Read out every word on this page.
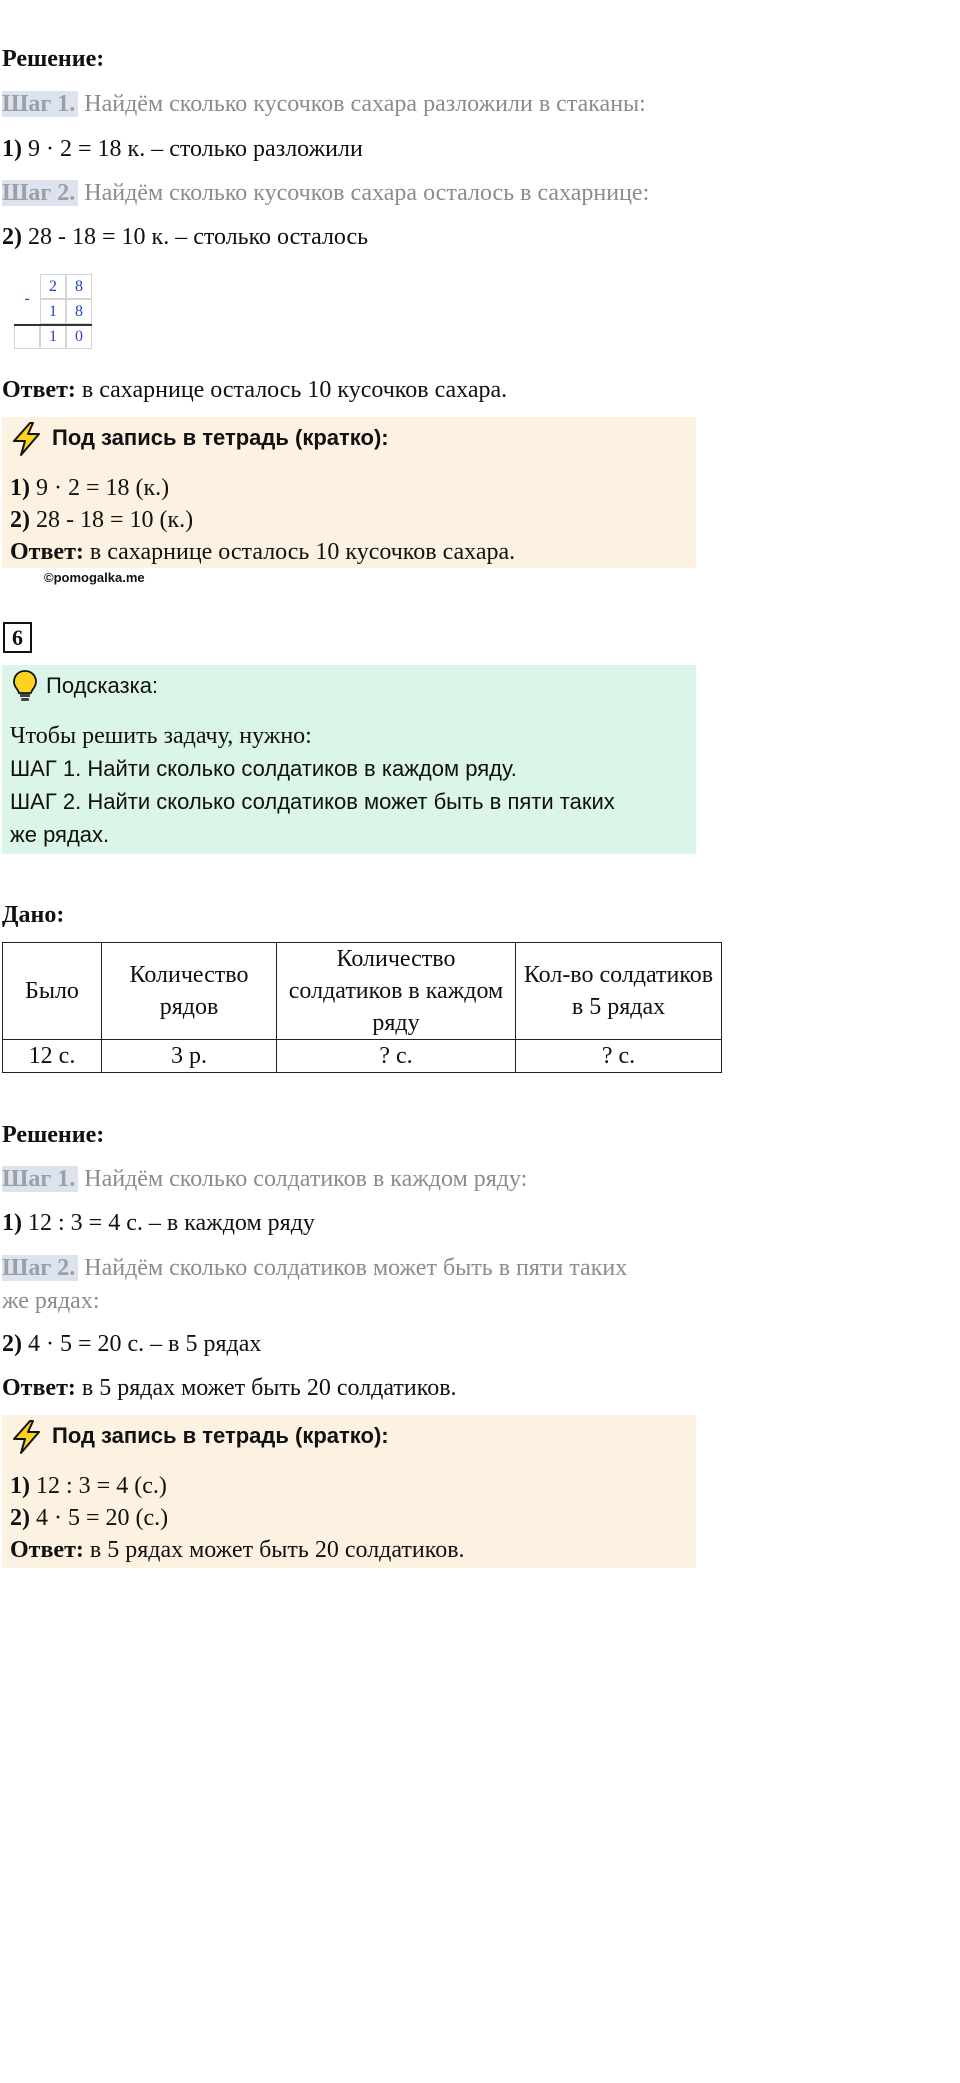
Решение:
Шаг 1. Найдём сколько кусочков сахара разложили в стаканы:
1) 9 · 2 = 18 к. – столько разложили
Шаг 2. Найдём сколько кусочков сахара осталось в сахарнице:
2) 28 - 18 = 10 к. – столько осталось
-
2	8
1	8
1	0
Ответ: в сахарнице осталось 10 кусочков сахара.
Под запись в тетрадь (кратко):
1) 9 · 2 = 18 (к.)
2) 28 - 18 = 10 (к.)
Ответ: в сахарнице осталось 10 кусочков сахара.
©pomogalka.me
6
Подсказка:
Чтобы решить задачу, нужно:
ШАГ 1. Найти сколько солдатиков в каждом ряду.
ШАГ 2. Найти сколько солдатиков может быть в пяти таких
же рядах.
Дано:
Было	Количество рядов	Количество солдатиков в каждом ряду	Кол-во солдатиков в 5 рядах
12 с.	3 р.	? с.	? с.
Решение:
Шаг 1. Найдём сколько солдатиков в каждом ряду:
1) 12 : 3 = 4 с. – в каждом ряду
Шаг 2. Найдём сколько солдатиков может быть в пяти таких
же рядах:
2) 4 · 5 = 20 с. – в 5 рядах
Ответ: в 5 рядах может быть 20 солдатиков.
Под запись в тетрадь (кратко):
1) 12 : 3 = 4 (с.)
2) 4 · 5 = 20 (с.)
Ответ: в 5 рядах может быть 20 солдатиков.
